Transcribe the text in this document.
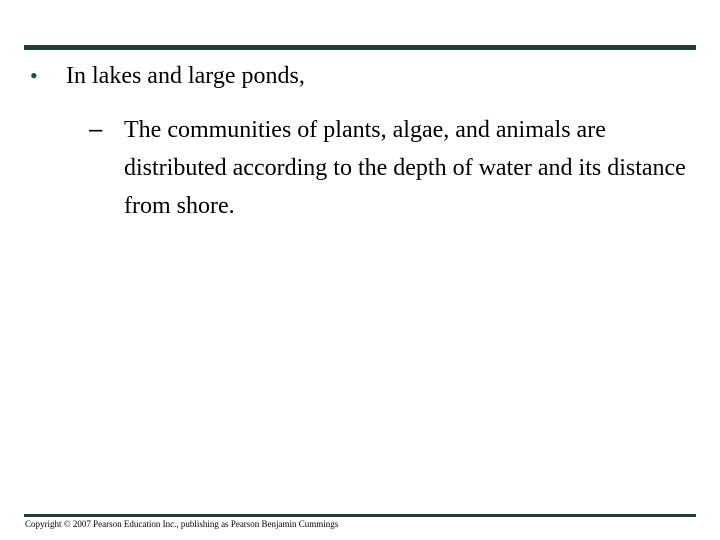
•	In lakes and large ponds,
– The communities of plants, algae, and animals are distributed according to the depth of water and its distance from shore.
Copyright © 2007 Pearson Education Inc., publishing as Pearson Benjamin Cummings
